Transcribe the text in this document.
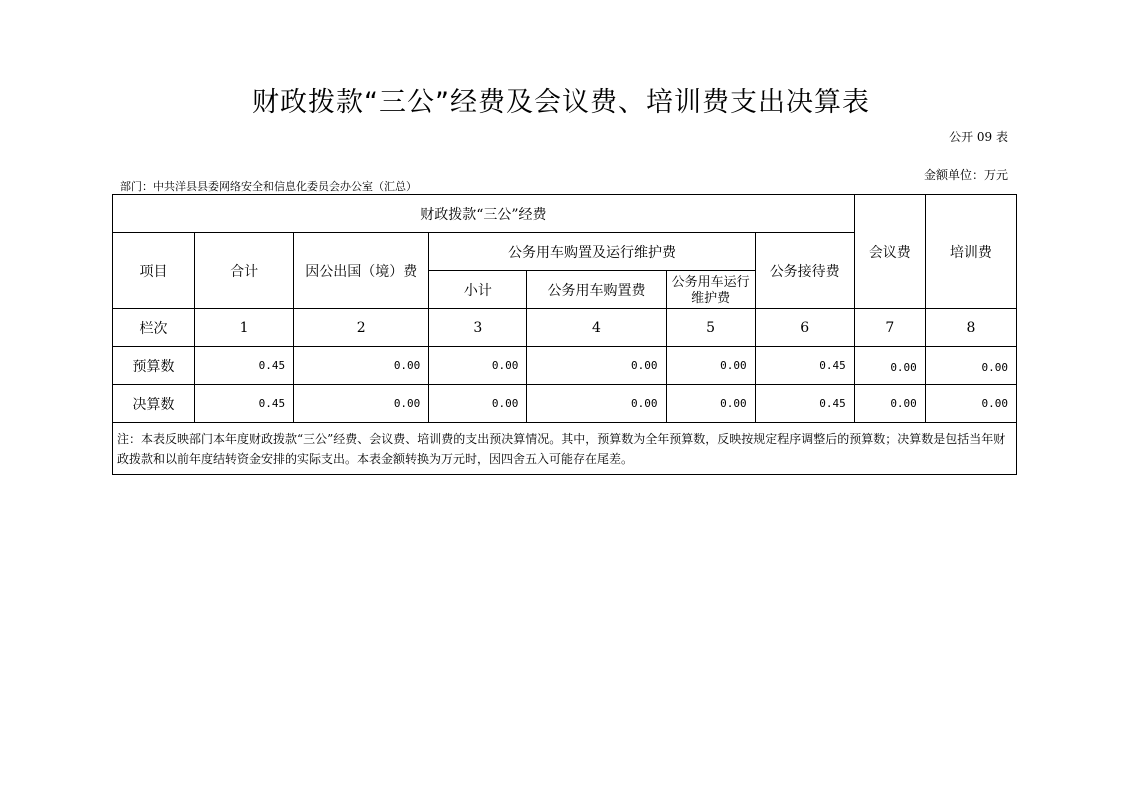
财政拨款“三公”经费及会议费、培训费支出决算表
公开 09 表
金额单位：万元
部门：中共洋县县委网络安全和信息化委员会办公室（汇总）
财政拨款“三公”经费							会议费	培训费
项目	合计	因公出国（境）费	公务用车购置及运行维护费			公务接待费		
			小计	公务用车购置费	公务用车运行维护费			
栏次	1	2	3	4	5	6	7	8
预算数	0.45	0.00	0.00	0.00	0.00	0.45	0.00	0.00
决算数	0.45	0.00	0.00	0.00	0.00	0.45	0.00	0.00
注：本表反映部门本年度财政拨款“三公”经费、会议费、培训费的支出预决算情况。其中，预算数为全年预算数，反映按规定程序调整后的预算数；决算数是包括当年财政拨款和以前年度结转资金安排的实际支出。本表金额转换为万元时，因四舍五入可能存在尾差。								
